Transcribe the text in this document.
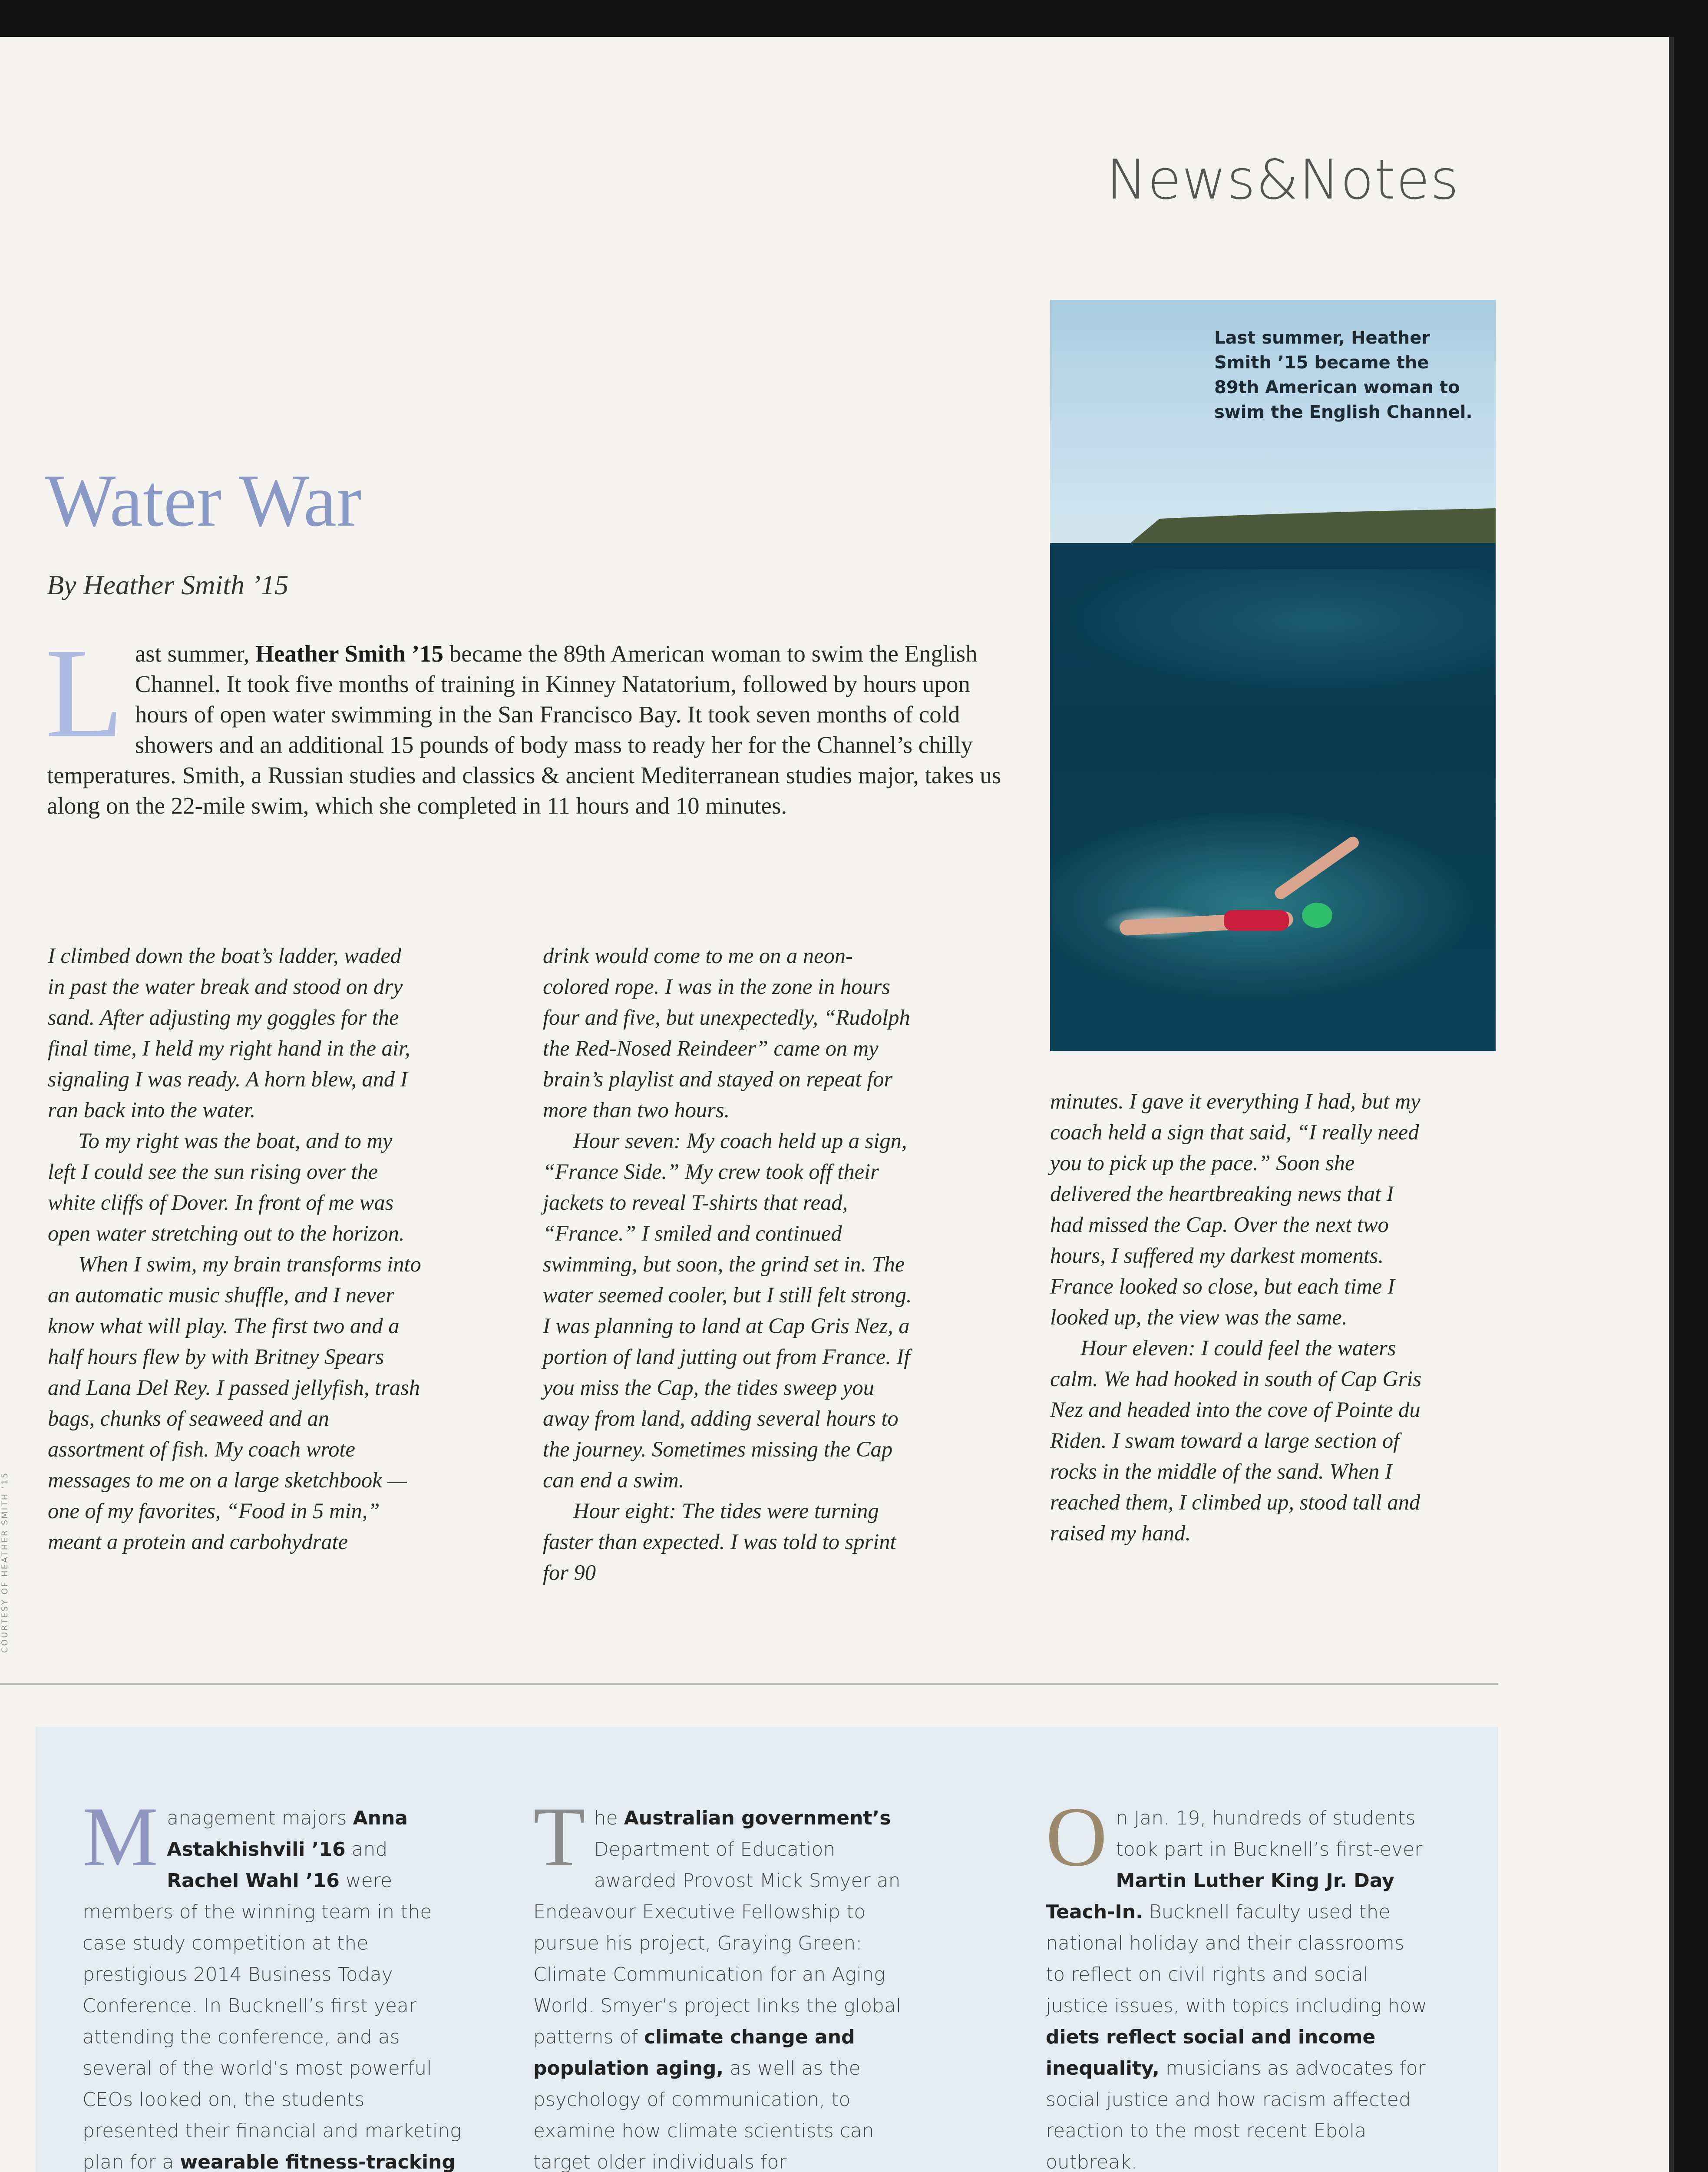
News&Notes

Last summer, Heather Smith ’15 became the 89th American woman to swim the English Channel.

Water War
By Heather Smith ’15

Last summer, Heather Smith ’15 became the 89th American woman to swim the English Channel. It took five months of training in Kinney Natatorium, followed by hours upon hours of open water swimming in the San Francisco Bay. It took seven months of cold showers and an additional 15 pounds of body mass to ready her for the Channel’s chilly temperatures. Smith, a Russian studies and classics & ancient Mediterranean studies major, takes us along on the 22-mile swim, which she completed in 11 hours and 10 minutes.

I climbed down the boat’s ladder, waded in past the water break and stood on dry sand. After adjusting my goggles for the final time, I held my right hand in the air, signaling I was ready. A horn blew, and I ran back into the water.

To my right was the boat, and to my left I could see the sun rising over the white cliffs of Dover. In front of me was open water stretching out to the horizon.

When I swim, my brain transforms into an automatic music shuffle, and I never know what will play. The first two and a half hours flew by with Britney Spears and Lana Del Rey. I passed jellyfish, trash bags, chunks of seaweed and an assortment of fish. My coach wrote messages to me on a large sketchbook — one of my favorites, “Food in 5 min,” meant a protein and carbohydrate

drink would come to me on a neon-colored rope. I was in the zone in hours four and five, but unexpectedly, “Rudolph the Red-Nosed Reindeer” came on my brain’s playlist and stayed on repeat for more than two hours.

Hour seven: My coach held up a sign, “France Side.” My crew took off their jackets to reveal T-shirts that read, “France.” I smiled and continued swimming, but soon, the grind set in. The water seemed cooler, but I still felt strong. I was planning to land at Cap Gris Nez, a portion of land jutting out from France. If you miss the Cap, the tides sweep you away from land, adding several hours to the journey. Sometimes missing the Cap can end a swim.

Hour eight: The tides were turning faster than expected. I was told to sprint for 90

minutes. I gave it everything I had, but my coach held a sign that said, “I really need you to pick up the pace.” Soon she delivered the heartbreaking news that I had missed the Cap. Over the next two hours, I suffered my darkest moments. France looked so close, but each time I looked up, the view was the same.

Hour eleven: I could feel the waters calm. We had hooked in south of Cap Gris Nez and headed into the cove of Pointe du Riden. I swam toward a large section of rocks in the middle of the sand. When I reached them, I climbed up, stood tall and raised my hand.

COURTESY OF HEATHER SMITH ’15

Management majors Anna Astakhishvili ’16 and Rachel Wahl ’16 were members of the winning team in the case study competition at the prestigious 2014 Business Today Conference. In Bucknell’s first year attending the conference, and as several of the world’s most powerful CEOs looked on, the students presented their financial and marketing plan for a wearable fitness-tracking

The Australian government’s Department of Education awarded Provost Mick Smyer an Endeavour Executive Fellowship to pursue his project, Graying Green: Climate Communication for an Aging World. Smyer’s project links the global patterns of climate change and population aging, as well as the psychology of communication, to examine how climate scientists can target older individuals for

On Jan. 19, hundreds of students took part in Bucknell’s first-ever Martin Luther King Jr. Day Teach-In. Bucknell faculty used the national holiday and their classrooms to reflect on civil rights and social justice issues, with topics including how diets reflect social and income inequality, musicians as advocates for social justice and how racism affected reaction to the most recent Ebola outbreak.
